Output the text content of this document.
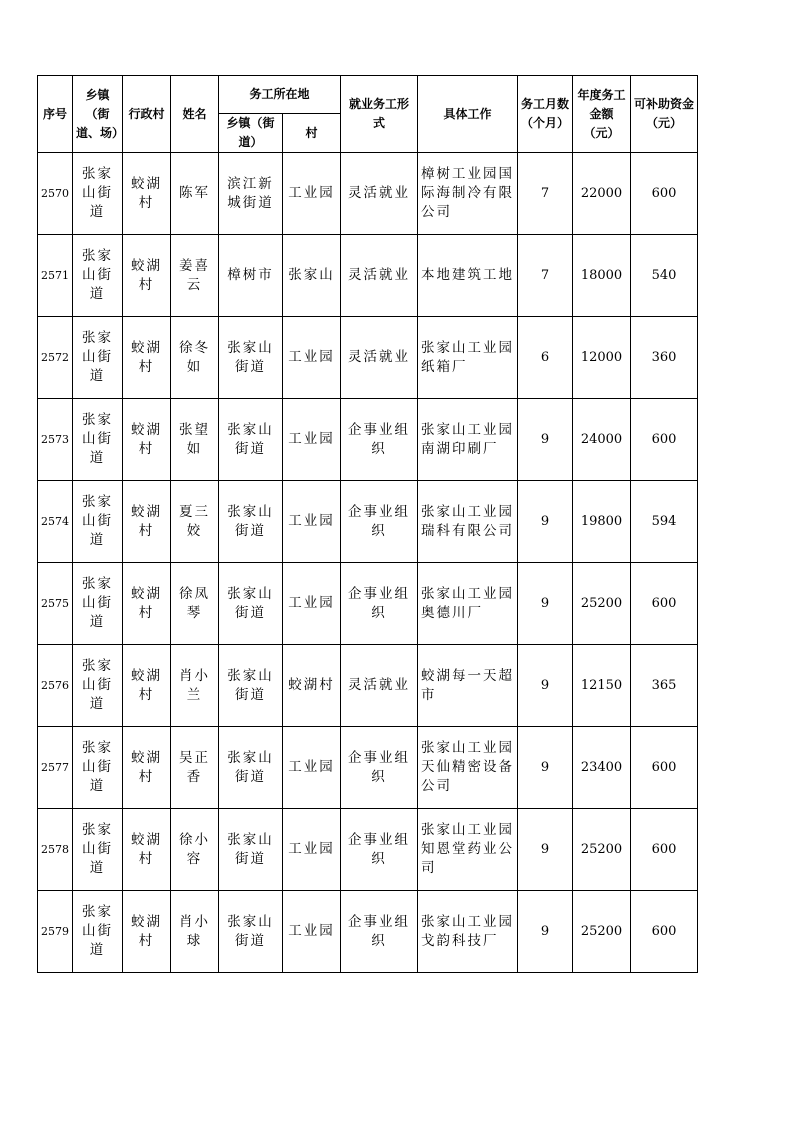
序号	乡镇（街道、场）	行政村	姓名	务工所在地		就业务工形式	具体工作	务工月数（个月）	年度务工金额（元）	可补助资金（元）

				乡镇（街道）	村					

2570	张家山街道	蛟湖村	陈军	滨江新城街道	工业园	灵活就业	樟树工业园国际海制冷有限公司	7	22000	600

2571	张家山街道	蛟湖村	姜喜云	樟树市	张家山	灵活就业	本地建筑工地	7	18000	540

2572	张家山街道	蛟湖村	徐冬如	张家山街道	工业园	灵活就业	张家山工业园纸箱厂	6	12000	360

2573	张家山街道	蛟湖村	张望如	张家山街道	工业园	企事业组织	张家山工业园南湖印刷厂	9	24000	600

2574	张家山街道	蛟湖村	夏三姣	张家山街道	工业园	企事业组织	张家山工业园瑞科有限公司	9	19800	594

2575	张家山街道	蛟湖村	徐凤琴	张家山街道	工业园	企事业组织	张家山工业园奥德川厂	9	25200	600

2576	张家山街道	蛟湖村	肖小兰	张家山街道	蛟湖村	灵活就业	蛟湖每一天超市	9	12150	365

2577	张家山街道	蛟湖村	吴正香	张家山街道	工业园	企事业组织	张家山工业园天仙精密设备公司	9	23400	600

2578	张家山街道	蛟湖村	徐小容	张家山街道	工业园	企事业组织	张家山工业园知恩堂药业公司	9	25200	600

2579	张家山街道	蛟湖村	肖小球	张家山街道	工业园	企事业组织	张家山工业园戈韵科技厂	9	25200	600
